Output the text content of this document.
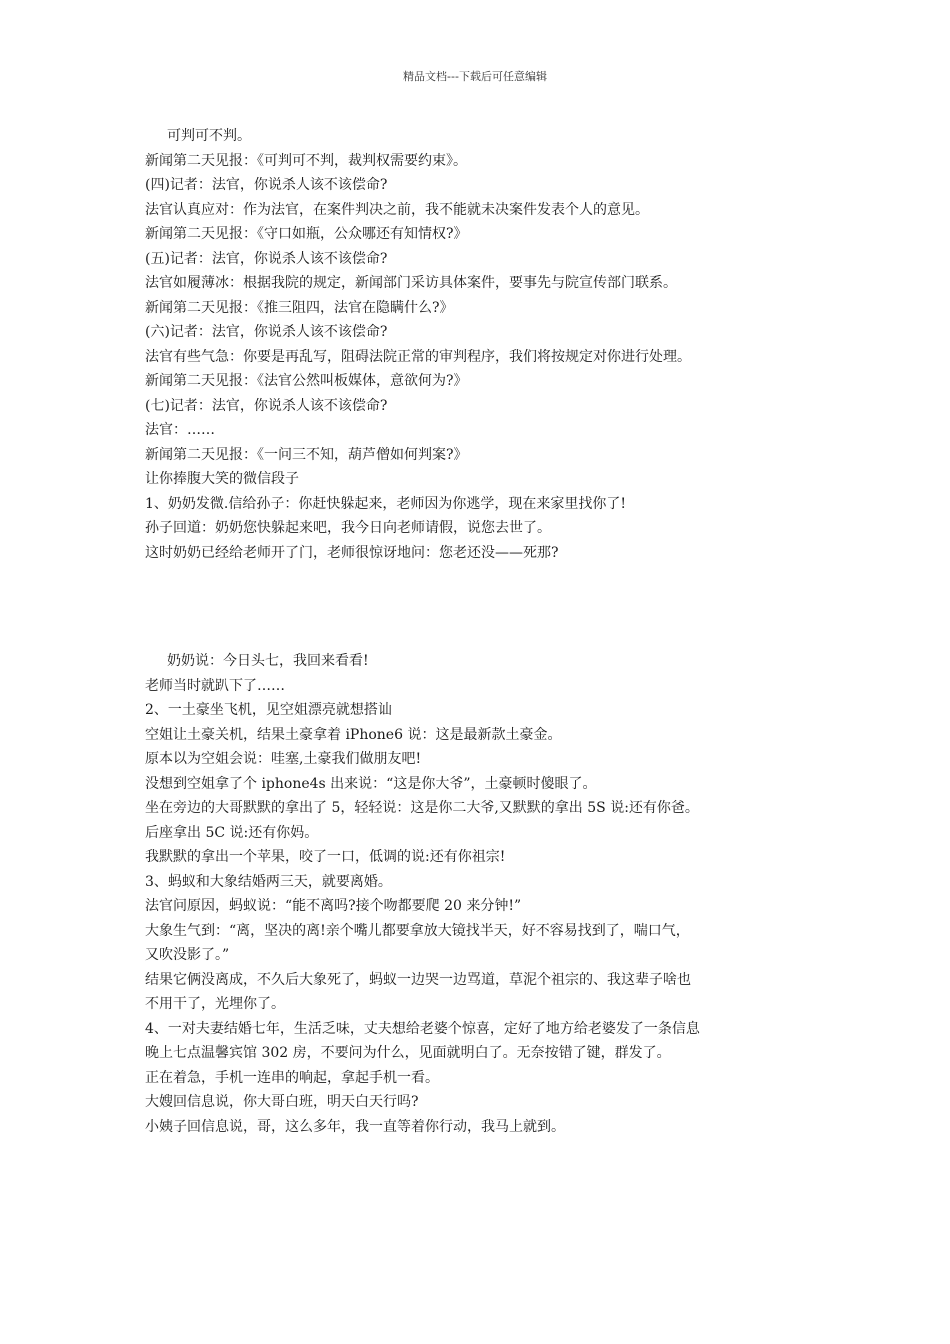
精品文档---下载后可任意编辑
可判可不判。
新闻第二天见报：《可判可不判，裁判权需要约束》。
(四)记者：法官，你说杀人该不该偿命?
法官认真应对：作为法官，在案件判决之前，我不能就未决案件发表个人的意见。
新闻第二天见报：《守口如瓶，公众哪还有知情权?》
(五)记者：法官，你说杀人该不该偿命?
法官如履薄冰：根据我院的规定，新闻部门采访具体案件，要事先与院宣传部门联系。
新闻第二天见报：《推三阻四，法官在隐瞒什么?》
(六)记者：法官，你说杀人该不该偿命?
法官有些气急：你要是再乱写，阻碍法院正常的审判程序，我们将按规定对你进行处理。
新闻第二天见报：《法官公然叫板媒体，意欲何为?》
(七)记者：法官，你说杀人该不该偿命?
法官：……
新闻第二天见报：《一问三不知，葫芦僧如何判案?》
让你捧腹大笑的微信段子
1、奶奶发微.信给孙子：你赶快躲起来，老师因为你逃学，现在来家里找你了!
孙子回道：奶奶您快躲起来吧，我今日向老师请假，说您去世了。
这时奶奶已经给老师开了门，老师很惊讶地问：您老还没——死那?
奶奶说：今日头七，我回来看看!
老师当时就趴下了……
2、一土豪坐飞机，见空姐漂亮就想搭讪
空姐让土豪关机，结果土豪拿着 iPhone6 说：这是最新款土豪金。
原本以为空姐会说：哇塞,土豪我们做朋友吧!
没想到空姐拿了个 iphone4s 出来说：“这是你大爷”，土豪顿时傻眼了。
坐在旁边的大哥默默的拿出了 5，轻轻说：这是你二大爷,又默默的拿出 5S 说:还有你爸。
后座拿出 5C 说:还有你妈。
我默默的拿出一个苹果，咬了一口，低调的说:还有你祖宗!
3、蚂蚁和大象结婚两三天，就要离婚。
法官问原因，蚂蚁说：“能不离吗?接个吻都要爬 20 来分钟!”
大象生气到：“离，坚决的离!亲个嘴儿都要拿放大镜找半天，好不容易找到了，喘口气，
又吹没影了。”
结果它俩没离成，不久后大象死了，蚂蚁一边哭一边骂道，草泥个祖宗的、我这辈子啥也
不用干了，光埋你了。
4、一对夫妻结婚七年，生活乏味，丈夫想给老婆个惊喜，定好了地方给老婆发了一条信息
晚上七点温馨宾馆 302 房，不要问为什么，见面就明白了。无奈按错了键，群发了。
正在着急，手机一连串的响起，拿起手机一看。
大嫂回信息说，你大哥白班，明天白天行吗?
小姨子回信息说，哥，这么多年，我一直等着你行动，我马上就到。
